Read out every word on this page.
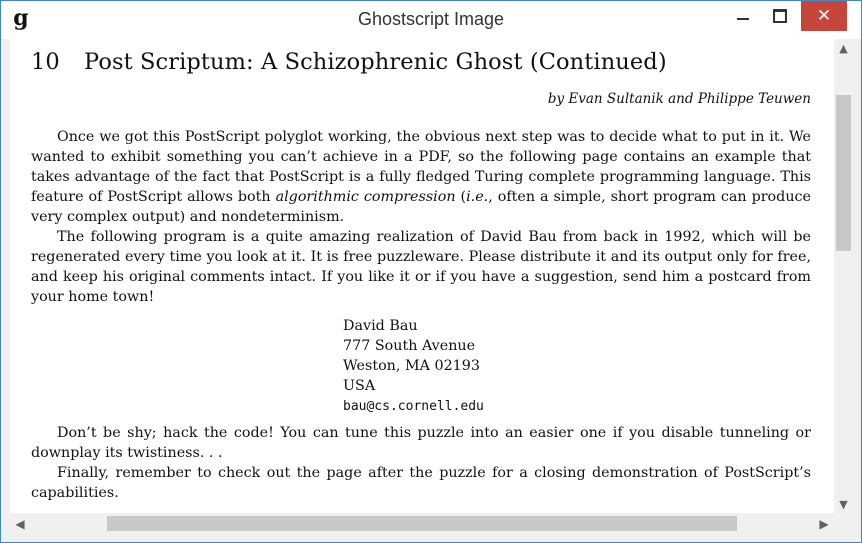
g	Ghostscript Image	✕
10 Post Scriptum: A Schizophrenic Ghost (Continued)
by Evan Sultanik and Philippe Teuwen
Once we got this PostScript polyglot working, the obvious next step was to decide what to put in it. We
wanted to exhibit something you can’t achieve in a PDF, so the following page contains an example that
takes advantage of the fact that PostScript is a fully fledged Turing complete programming language. This
feature of PostScript allows both algorithmic compression (i.e., often a simple, short program can produce
very complex output) and nondeterminism.
The following program is a quite amazing realization of David Bau from back in 1992, which will be
regenerated every time you look at it. It is free puzzleware. Please distribute it and its output only for free,
and keep his original comments intact. If you like it or if you have a suggestion, send him a postcard from
your home town!
David Bau
777 South Avenue
Weston, MA 02193
USA
bau@cs.cornell.edu
Don’t be shy; hack the code! You can tune this puzzle into an easier one if you disable tunneling or
downplay its twistiness. . .
Finally, remember to check out the page after the puzzle for a closing demonstration of PostScript’s
capabilities.
▲
▼
◀	▶
